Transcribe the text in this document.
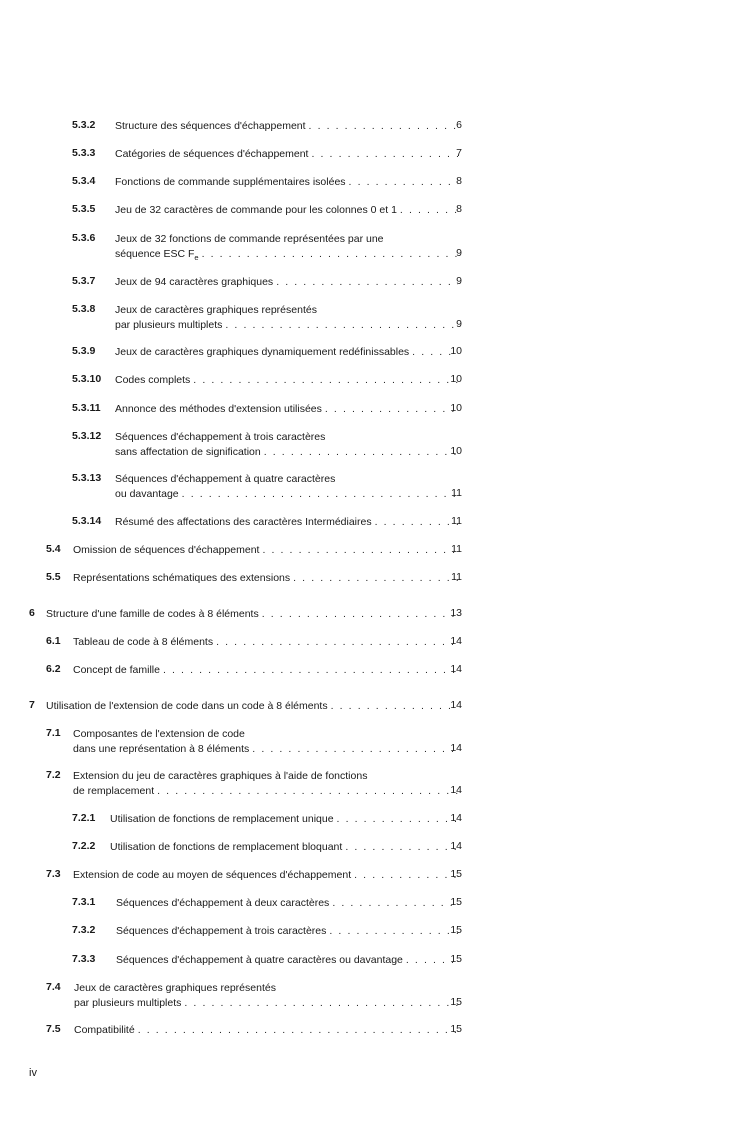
5.3.2 Structure des séquences d'échappement . . .	6
5.3.3 Catégories de séquences d'échappement . . .	7
5.3.4 Fonctions de commande supplémentaires isolées . . .	8
5.3.5 Jeu de 32 caractères de commande pour les colonnes 0 et 1 . . .	8
5.3.6 Jeux de 32 fonctions de commande représentées par une
séquence ESC $F_e$ . . .	9
5.3.7 Jeux de 94 caractères graphiques . . .	9
5.3.8 Jeux de caractères graphiques représentés
par plusieurs multiplets . . .	9
5.3.9 Jeux de caractères graphiques dynamiquement redéfinissables . . .	10
5.3.10 Codes complets . . .	10
5.3.11 Annonce des méthodes d'extension utilisées . . .	10
5.3.12 Séquences d'échappement à trois caractères
sans affectation de signification . . .	10
5.3.13 Séquences d'échappement à quatre caractères
ou davantage . . .	11
5.3.14 Résumé des affectations des caractères Intermédiaires . . .	11
5.4 Omission de séquences d'échappement . . .	11
5.5 Représentations schématiques des extensions . . .	11
6 Structure d'une famille de codes à 8 éléments . . .	13
6.1 Tableau de code à 8 éléments . . .	14
6.2 Concept de famille . . .	14
7 Utilisation de l'extension de code dans un code à 8 éléments . . .	14
7.1 Composantes de l'extension de code
dans une représentation à 8 éléments . . .	14
7.2 Extension du jeu de caractères graphiques à l'aide de fonctions
de remplacement . . .	14
7.2.1 Utilisation de fonctions de remplacement unique . . .	14
7.2.2 Utilisation de fonctions de remplacement bloquant . . .	14
7.3 Extension de code au moyen de séquences d'échappement . . .	15
7.3.1 Séquences d'échappement à deux caractères . . .	15
7.3.2 Séquences d'échappement à trois caractères . . .	15
7.3.3 Séquences d'échappement à quatre caractères ou davantage . . .	15
7.4 Jeux de caractères graphiques représentés
par plusieurs multiplets . . .	15
7.5 Compatibilité . . .	15
iv
